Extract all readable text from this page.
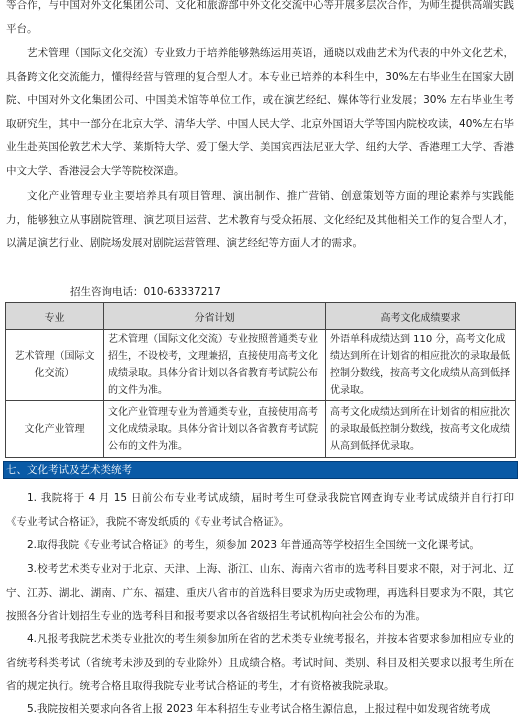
等合作，与中国对外文化集团公司、文化和旅游部中外文化交流中心等开展多层次合作，为师生提供高端实践平台。

艺术管理（国际文化交流）专业致力于培养能够熟练运用英语，通晓以戏曲艺术为代表的中外文化艺术，具备跨文化交流能力，懂得经营与管理的复合型人才。本专业已培养的本科生中，30%左右毕业生在国家大剧院、中国对外文化集团公司、中国美术馆等单位工作，或在演艺经纪、媒体等行业发展；30% 左右毕业生考取研究生，其中一部分在北京大学、清华大学、中国人民大学、北京外国语大学等国内院校攻读，40%左右毕业生赴英国伦敦艺术大学、莱斯特大学、爱丁堡大学、美国宾西法尼亚大学、纽约大学、香港理工大学、香港中文大学、香港浸会大学等院校深造。

文化产业管理专业主要培养具有项目管理、演出制作、推广营销、创意策划等方面的理论素养与实践能力，能够独立从事剧院管理、演艺项目运营、艺术教育与受众拓展、文化经纪及其他相关工作的复合型人才，以满足演艺行业、剧院场发展对剧院运营管理、演艺经纪等方面人才的需求。

招生咨询电话：010-63337217
专业	分省计划	高考文化成绩要求
艺术管理（国际文化交流）	艺术管理（国际文化交流）专业按照普通类专业招生，不设校考，文理兼招，直接使用高考文化成绩录取。具体分省计划以各省教育考试院公布的文件为准。	外语单科成绩达到 110 分，高考文化成绩达到所在计划省的相应批次的录取最低控制分数线，按高考文化成绩从高到低择优录取。
文化产业管理	文化产业管理专业为普通类专业，直接使用高考文化成绩录取。具体分省计划以各省教育考试院公布的文件为准。	高考文化成绩达到所在计划省的相应批次的录取最低控制分数线，按高考文化成绩从高到低择优录取。
七、文化考试及艺术类统考

1. 我院将于 4 月 15 日前公布专业考试成绩，届时考生可登录我院官网查询专业考试成绩并自行打印《专业考试合格证》，我院不寄发纸质的《专业考试合格证》。

2.取得我院《专业考试合格证》的考生，须参加 2023 年普通高等学校招生全国统一文化课考试。

3.校考艺术类专业对于北京、天津、上海、浙江、山东、海南六省市的选考科目要求不限，对于河北、辽宁、江苏、湖北、湖南、广东、福建、重庆八省市的首选科目要求为历史或物理，再选科目要求为不限，其它按照各分省计划招生专业的选考科目和报考要求以各省级招生考试机构向社会公布的为准。

4.凡报考我院艺术类专业批次的考生须参加所在省的艺术类专业统考报名，并按本省要求参加相应专业的省统考科类考试（省统考未涉及到的专业除外）且成绩合格。考试时间、类别、科目及相关要求以报考生所在省的规定执行。统考合格且取得我院专业考试合格证的考生，才有资格被我院录取。

5.我院按相关要求向各省上报 2023 年本科招生专业考试合格生源信息，上报过程中如发现省统考成
